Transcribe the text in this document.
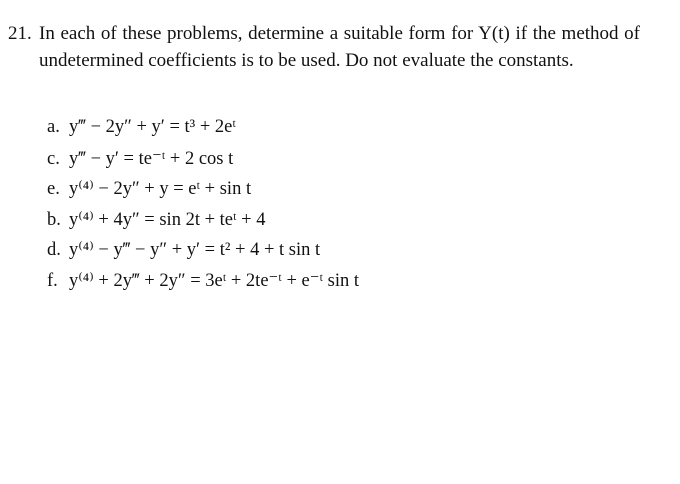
21. In each of these problems, determine a suitable form for Y(t) if the method of undetermined coefficients is to be used. Do not evaluate the constants.
a. y‴ − 2y″ + y′ = t³ + 2eᵗ
c. y‴ − y′ = te⁻ᵗ + 2 cos t
e. y⁽⁴⁾ − 2y″ + y = eᵗ + sin t
b. y⁽⁴⁾ + 4y″ = sin 2t + teᵗ + 4
d. y⁽⁴⁾ − y‴ − y″ + y′ = t² + 4 + t sin t
f. y⁽⁴⁾ + 2y‴ + 2y″ = 3eᵗ + 2te⁻ᵗ + e⁻ᵗ sin t
